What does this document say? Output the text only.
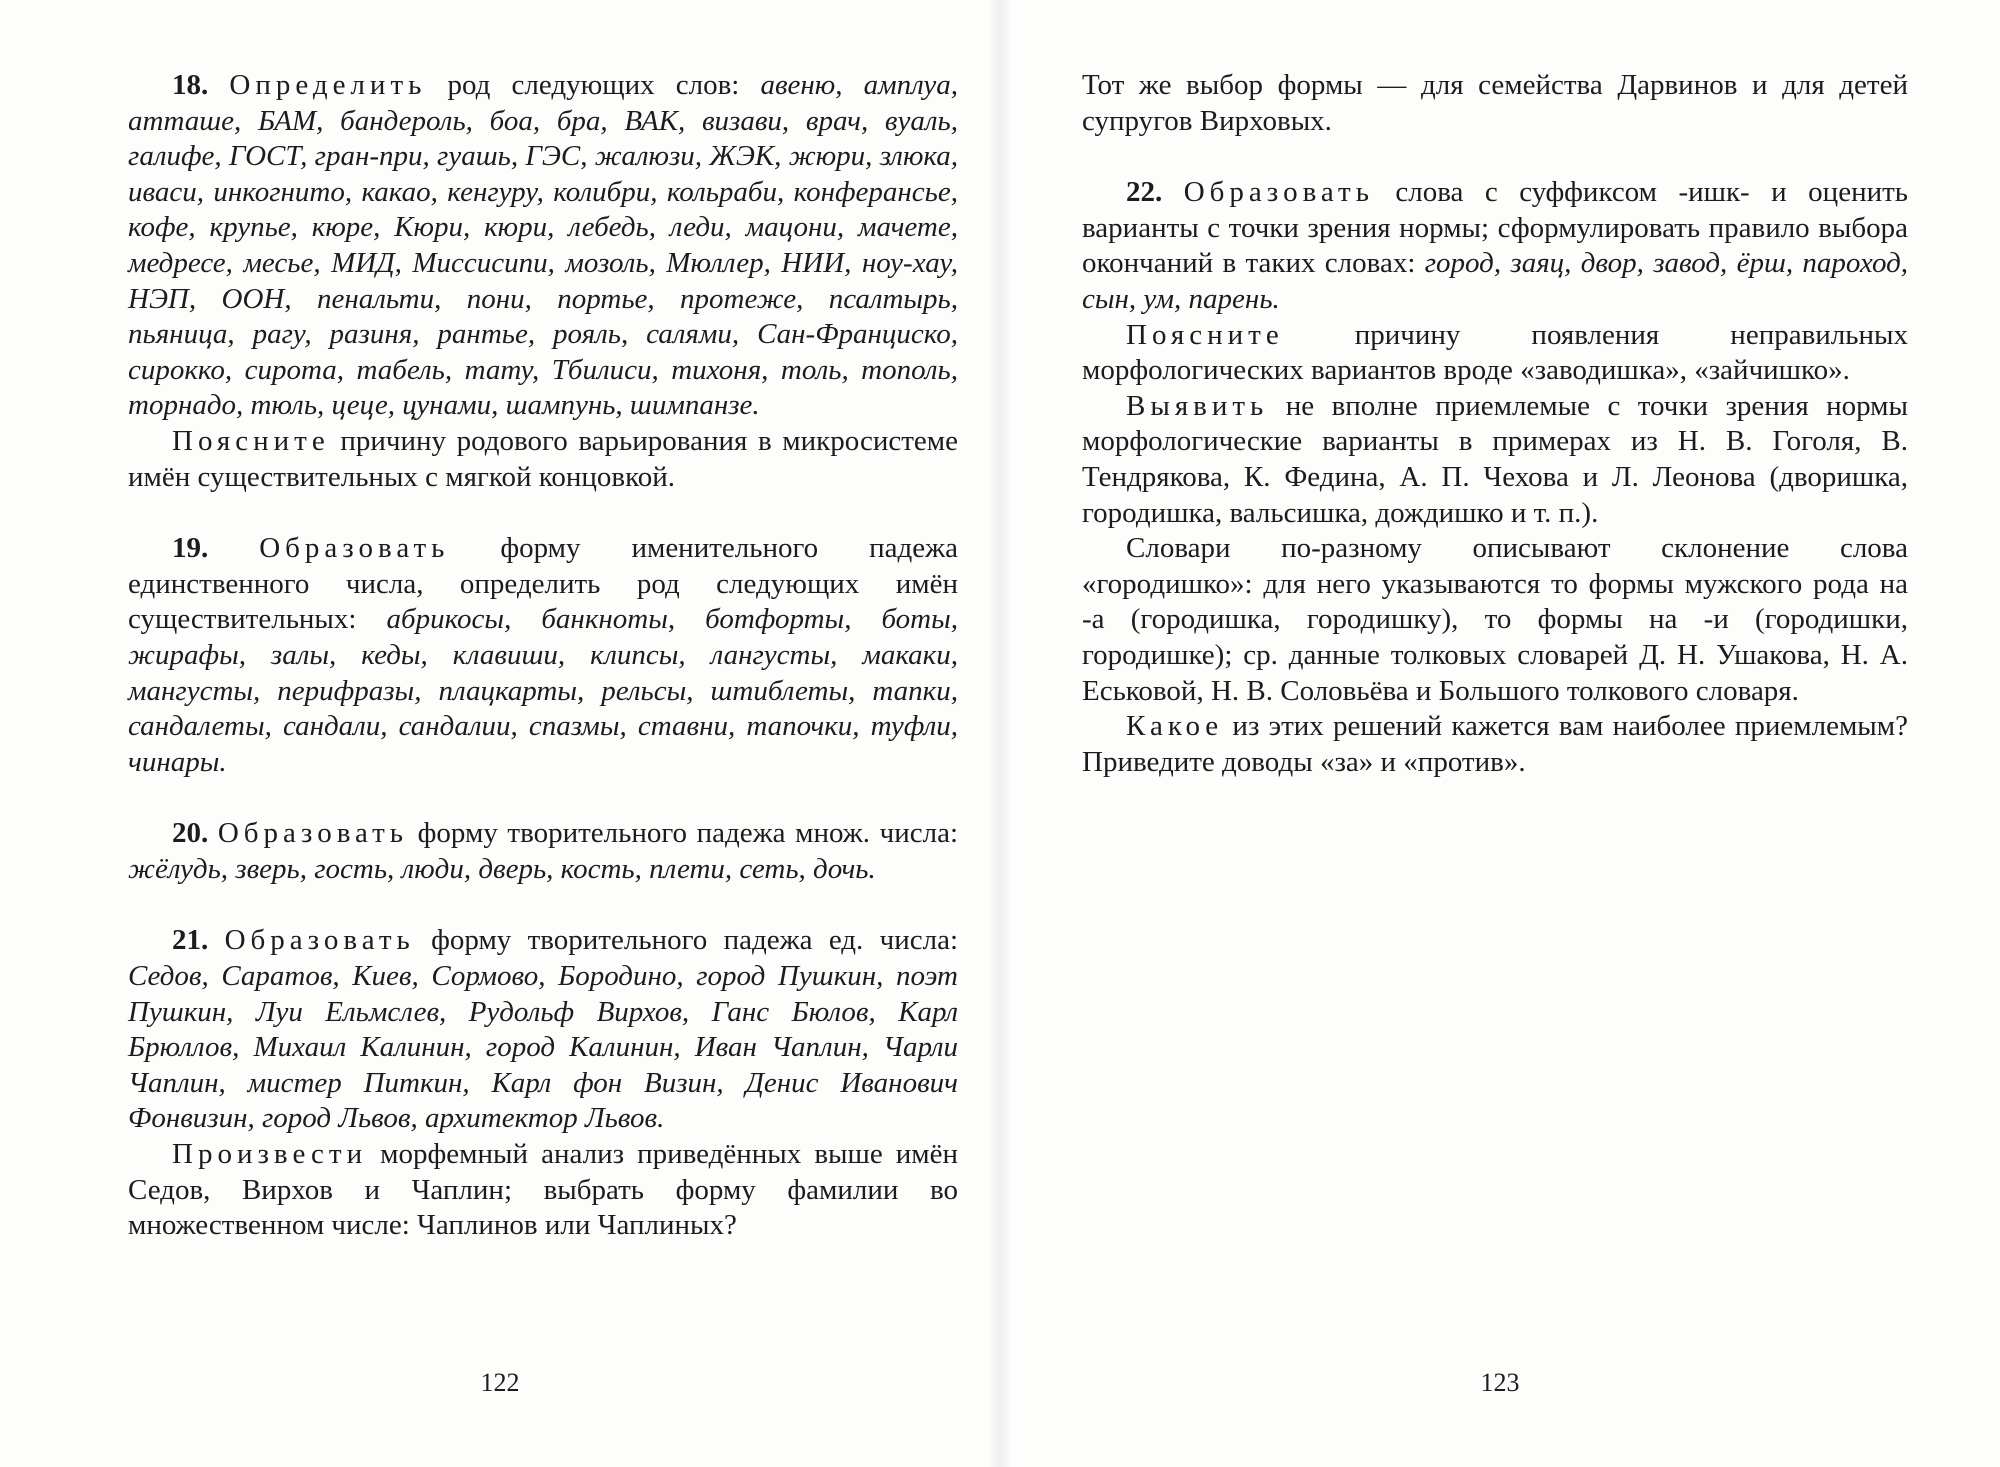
18. Определить род следующих слов: авеню, амплуа, атташе, БАМ, бандероль, боа, бра, ВАК, визави, врач, вуаль, галифе, ГОСТ, гран-при, гуашь, ГЭС, жалюзи, ЖЭК, жюри, злюка, иваси, инкогнито, какао, кенгуру, колибри, кольраби, конферансье, кофе, крупье, кюре, Кюри, кюри, лебедь, леди, мацони, мачете, медресе, месье, МИД, Миссисипи, мозоль, Мюллер, НИИ, ноу-хау, НЭП, ООН, пенальти, пони, портье, протеже, псалтырь, пьяница, рагу, разиня, рантье, рояль, салями, Сан-Франциско, сирокко, сирота, табель, тату, Тбилиси, тихоня, толь, тополь, торнадо, тюль, цеце, цунами, шампунь, шимпанзе.

Поясните причину родового варьирования в микросистеме имён существительных с мягкой концовкой.

19. Образовать форму именительного падежа единственного числа, определить род следующих имён существительных: абрикосы, банкноты, ботфорты, боты, жирафы, залы, кеды, клавиши, клипсы, лангусты, макаки, мангусты, перифразы, плацкарты, рельсы, штиблеты, тапки, сандалеты, сандали, сандалии, спазмы, ставни, тапочки, туфли, чинары.

20. Образовать форму творительного падежа множ. числа: жёлудь, зверь, гость, люди, дверь, кость, плети, сеть, дочь.

21. Образовать форму творительного падежа ед. числа: Седов, Саратов, Киев, Сормово, Бородино, город Пушкин, поэт Пушкин, Луи Ельмслев, Рудольф Вирхов, Ганс Бюлов, Карл Брюллов, Михаил Калинин, город Калинин, Иван Чаплин, Чарли Чаплин, мистер Питкин, Карл фон Визин, Денис Иванович Фонвизин, город Львов, архитектор Львов.

Произвести морфемный анализ приведённых выше имён Седов, Вирхов и Чаплин; выбрать форму фамилии во множественном числе: Чаплинов или Чаплиных?

122

Тот же выбор формы — для семейства Дарвинов и для детей супругов Вирховых.

22. Образовать слова с суффиксом -ишк- и оценить варианты с точки зрения нормы; сформулировать правило выбора окончаний в таких словах: город, заяц, двор, завод, ёрш, пароход, сын, ум, парень.

Поясните причину появления неправильных морфологических вариантов вроде «заводишка», «зайчишко».

Выявить не вполне приемлемые с точки зрения нормы морфологические варианты в примерах из Н. В. Гоголя, В. Тендрякова, К. Федина, А. П. Чехова и Л. Леонова (дворишка, городишка, вальсишка, дождишко и т. п.).

Словари по-разному описывают склонение слова «городишко»: для него указываются то формы мужского рода на -а (городишка, городишку), то формы на -и (городишки, городишке); ср. данные толковых словарей Д. Н. Ушакова, Н. А. Еськовой, Н. В. Соловьёва и Большого толкового словаря.

Какое из этих решений кажется вам наиболее приемлемым? Приведите доводы «за» и «против».

123
